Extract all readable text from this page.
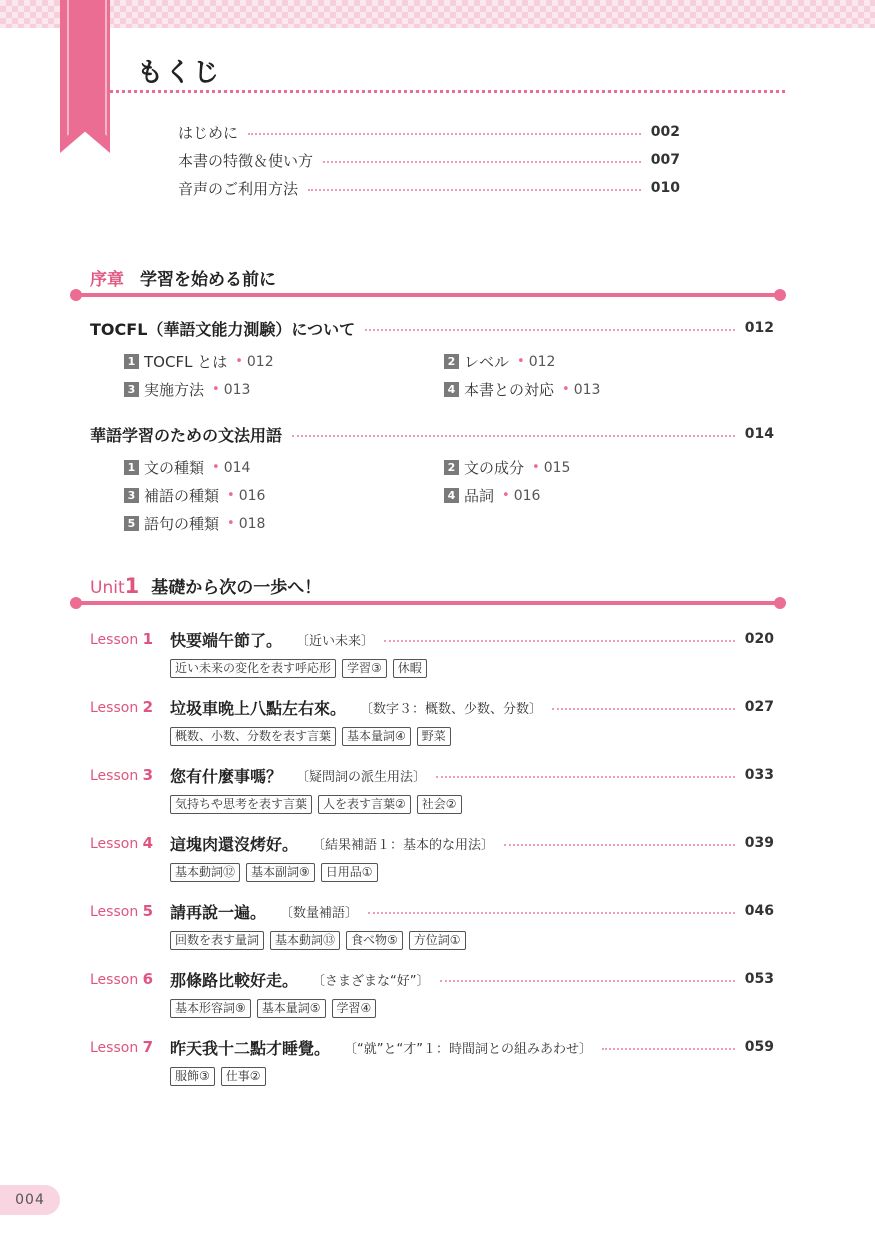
もくじ
はじめに	002
本書の特徴＆使い方	007
音声のご利用方法	010
序章 学習を始める前に
TOCFL（華語文能力測験）について	012
1 TOCFL とは • 012	2 レベル • 012
3 実施方法 • 013	4 本書との対応 • 013
華語学習のための文法用語	014
1 文の種類 • 014	2 文の成分 • 015
3 補語の種類 • 016	4 品詞 • 016
5 語句の種類 • 018
Unit1 基礎から次の一歩へ！
Lesson 1	快要端午節了。 〔近い未来〕	020
近い未来の変化を表す呼応形	学習③	休暇
Lesson 2	垃圾車晩上八點左右來。 〔数字３：概数、少数、分数〕	027
概数、小数、分数を表す言葉	基本量詞④	野菜
Lesson 3	您有什麼事嗎？ 〔疑問詞の派生用法〕	033
気持ちや思考を表す言葉	人を表す言葉②	社会②
Lesson 4	這塊肉還沒烤好。 〔結果補語１：基本的な用法〕	039
基本動詞⑫	基本副詞⑨	日用品①
Lesson 5	請再說一遍。 〔数量補語〕	046
回数を表す量詞	基本動詞⑬	食べ物⑤	方位詞①
Lesson 6	那條路比較好走。 〔さまざまな“好”〕	053
基本形容詞⑨	基本量詞⑤	学習④
Lesson 7	昨天我十二點才睡覺。 〔“就”と“才”１：時間詞との組みあわせ〕	059
服飾③	仕事②
004
